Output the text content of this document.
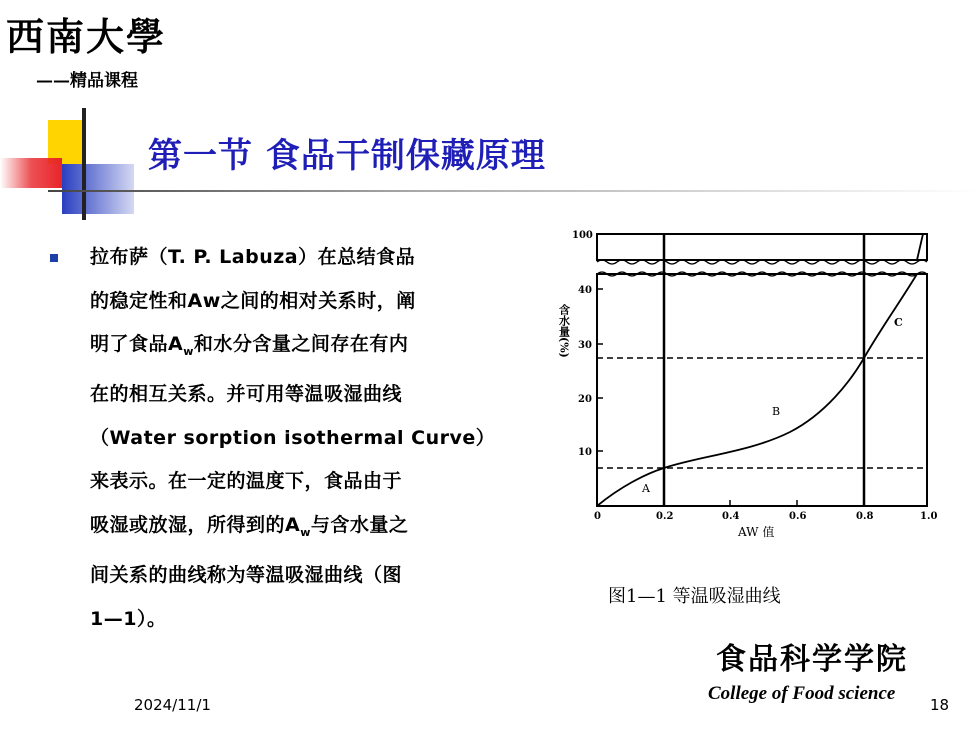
西南大學
——精品课程
第一节 食品干制保藏原理
拉布萨（T. P. Labuza）在总结食品
的稳定性和Aw之间的相对关系时，阐
明了食品$A_w$和水分含量之间存在有内
在的相互关系。并可用等温吸湿曲线
（Water sorption isothermal Curve）
来表示。在一定的温度下，食品由于
吸湿或放湿，所得到的$A_w$与含水量之
间关系的曲线称为等温吸湿曲线（图
1—1）。
100
40
30
20
10
含水量(%)
0	0.2	0.4	0.6	0.8	1.0
AW 值
A
B
C
图1—1 等温吸湿曲线
食品科学学院
College of Food science
18
2024/11/1
